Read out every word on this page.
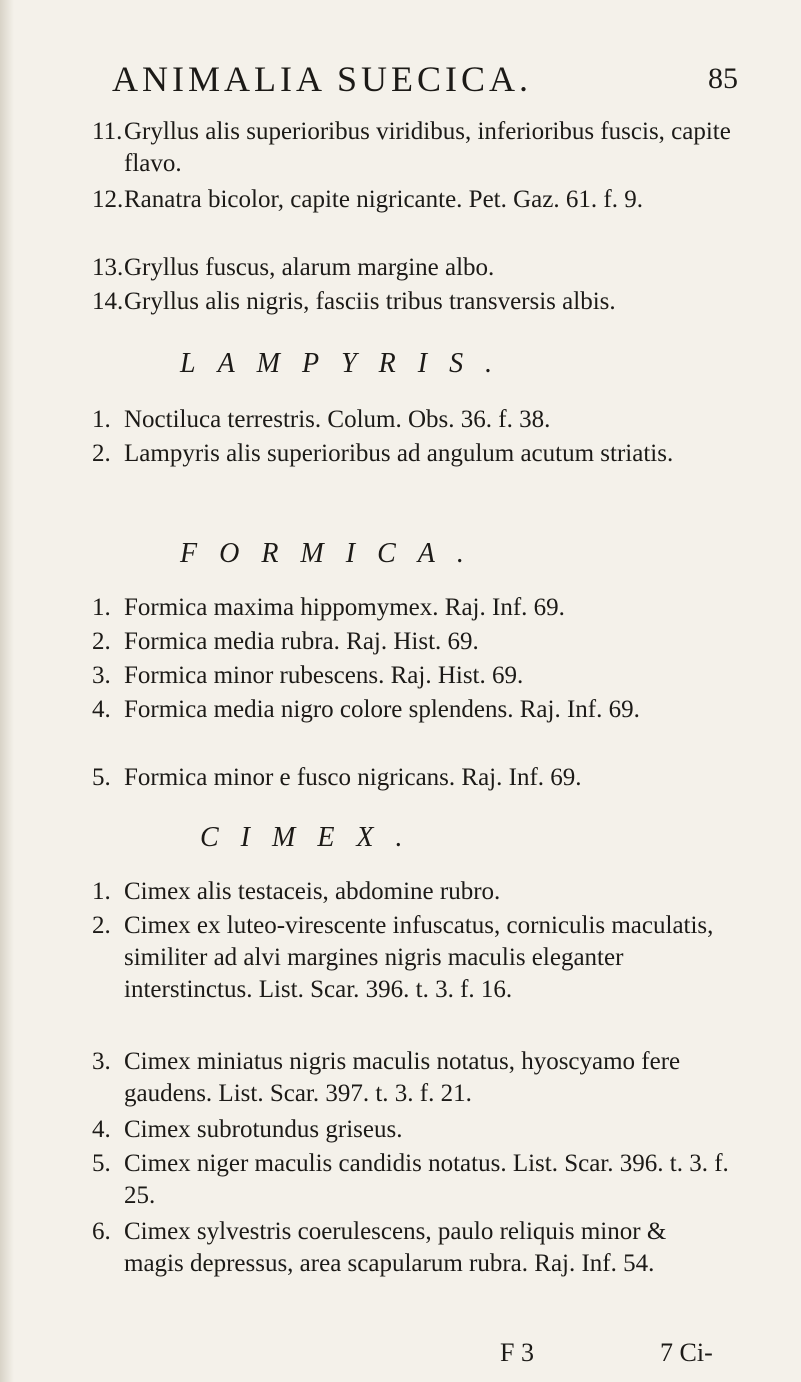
ANIMALIA SUECICA.	85
11. Gryllus alis superioribus viridibus, inferioribus fuscis, capite flavo.
12. Ranatra bicolor, capite nigricante. Pet. Gaz. 61. f. 9.
13. Gryllus fuscus, alarum margine albo.
14. Gryllus alis nigris, fasciis tribus transversis albis.
LAMPYRIS.
1. Noctiluca terrestris. Colum. Obs. 36. f. 38.
2. Lampyris alis superioribus ad angulum acutum striatis.
FORMICA.
1. Formica maxima hippomymex. Raj. Inf. 69.
2. Formica media rubra. Raj. Hist. 69.
3. Formica minor rubescens. Raj. Hist. 69.
4. Formica media nigro colore splendens. Raj. Inf. 69.
5. Formica minor e fusco nigricans. Raj. Inf. 69.
CIMEX.
1. Cimex alis testaceis, abdomine rubro.
2. Cimex ex luteo-virescente infuscatus, corniculis maculatis, similiter ad alvi margines nigris maculis eleganter interstinctus. List. Scar. 396. t. 3. f. 16.
3. Cimex miniatus nigris maculis notatus, hyoscyamo fere gaudens. List. Scar. 397. t. 3. f. 21.
4. Cimex subrotundus griseus.
5. Cimex niger maculis candidis notatus. List. Scar. 396. t. 3. f. 25.
6. Cimex sylvestris coerulescens, paulo reliquis minor & magis depressus, area scapularum rubra. Raj. Inf. 54.
F 3	7 Ci-
